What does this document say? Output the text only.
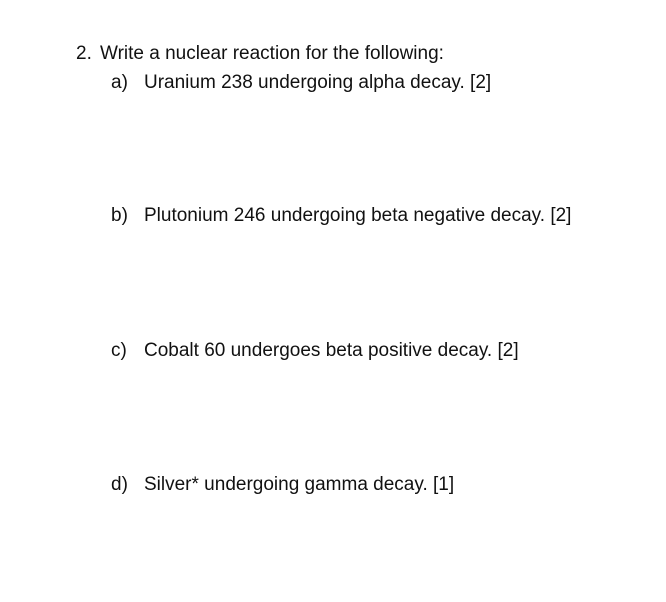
2. Write a nuclear reaction for the following:
a) Uranium 238 undergoing alpha decay. [2]
b) Plutonium 246 undergoing beta negative decay. [2]
c) Cobalt 60 undergoes beta positive decay. [2]
d) Silver* undergoing gamma decay. [1]
